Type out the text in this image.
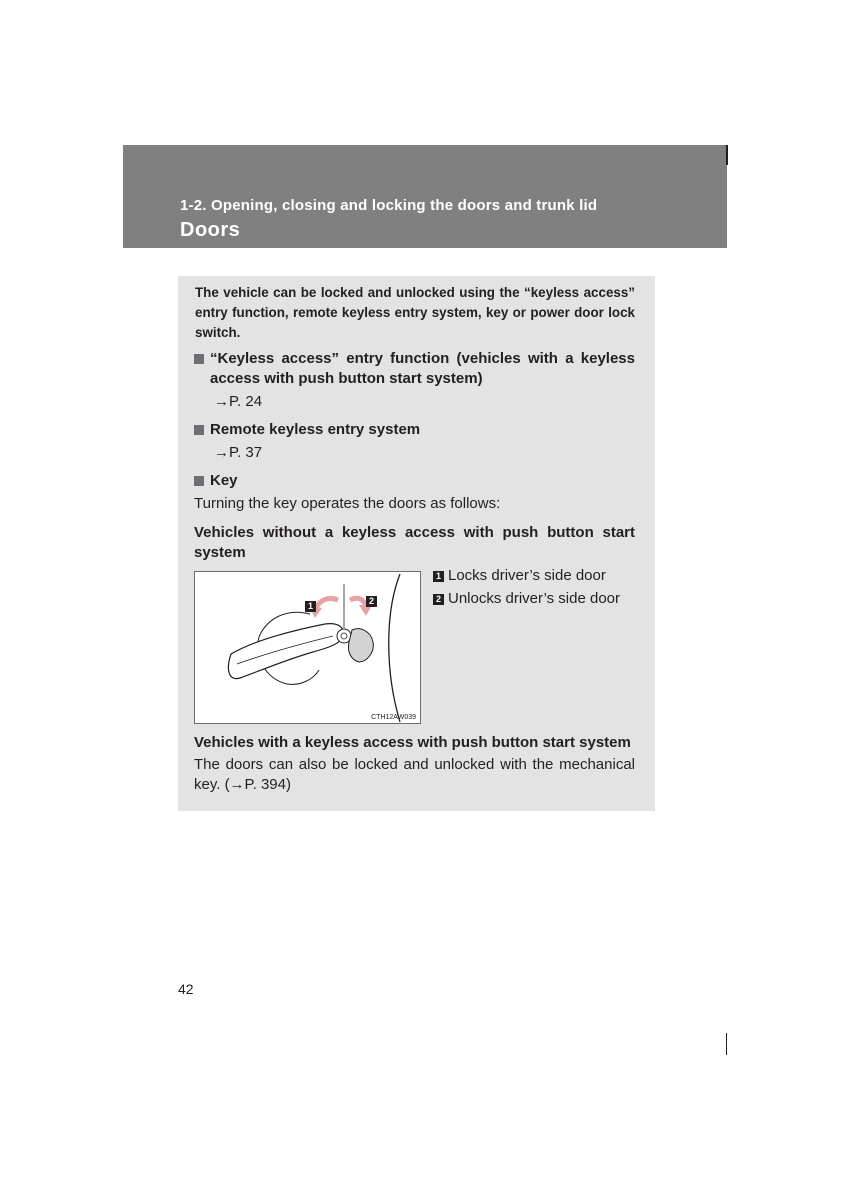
1-2. Opening, closing and locking the doors and trunk lid

Doors

The vehicle can be locked and unlocked using the “keyless access” entry function, remote keyless entry system, key or power door lock switch.

“Keyless access” entry function (vehicles with a keyless access with push button start system)

→P. 24

Remote keyless entry system

→P. 37

Key

Turning the key operates the doors as follows:

Vehicles without a keyless access with push button start system

1	2

CTH12AW039

1 Locks driver’s side door

2 Unlocks driver’s side door

Vehicles with a keyless access with push button start system

The doors can also be locked and unlocked with the mechanical key. (→P. 394)

42
